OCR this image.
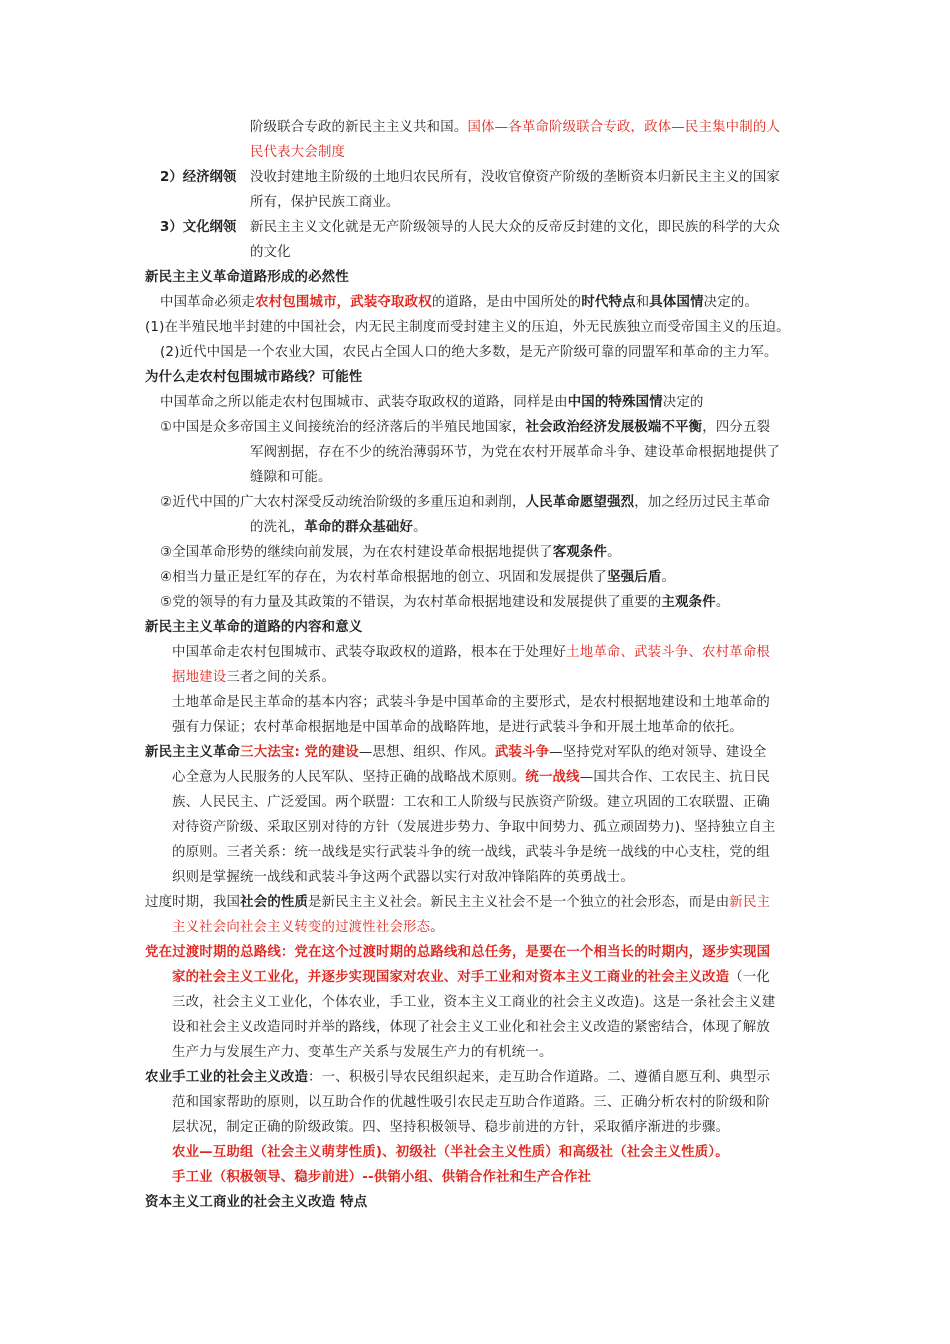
阶级联合专政的新民主主义共和国。国体—各革命阶级联合专政，政体—民主集中制的人
民代表大会制度
没收封建地主阶级的土地归农民所有，没收官僚资产阶级的垄断资本归新民主主义的国家
所有，保护民族工商业。
新民主主义文化就是无产阶级领导的人民大众的反帝反封建的文化，即民族的科学的大众
的文化
新民主主义革命道路形成的必然性
中国革命必须走农村包围城市，武装夺取政权的道路，是由中国所处的时代特点和具体国情决定的。
(1)在半殖民地半封建的中国社会，内无民主制度而受封建主义的压迫，外无民族独立而受帝国主义的压迫。
(2)近代中国是一个农业大国，农民占全国人口的绝大多数，是无产阶级可靠的同盟军和革命的主力军。
为什么走农村包围城市路线？可能性
中国革命之所以能走农村包围城市、武装夺取政权的道路，同样是由中国的特殊国情决定的
①中国是众多帝国主义间接统治的经济落后的半殖民地国家，社会政治经济发展极端不平衡，四分五裂
军阀割据，存在不少的统治薄弱环节，为党在农村开展革命斗争、建设革命根据地提供了
缝隙和可能。
②近代中国的广大农村深受反动统治阶级的多重压迫和剥削，人民革命愿望强烈，加之经历过民主革命
的洗礼，革命的群众基础好。
③全国革命形势的继续向前发展，为在农村建设革命根据地提供了客观条件。
④相当力量正是红军的存在，为农村革命根据地的创立、巩固和发展提供了坚强后盾。
⑤党的领导的有力量及其政策的不错误，为农村革命根据地建设和发展提供了重要的主观条件。
新民主主义革命的道路的内容和意义
中国革命走农村包围城市、武装夺取政权的道路，根本在于处理好土地革命、武装斗争、农村革命根
据地建设三者之间的关系。
土地革命是民主革命的基本内容；武装斗争是中国革命的主要形式，是农村根据地建设和土地革命的
强有力保证；农村革命根据地是中国革命的战略阵地，是进行武装斗争和开展土地革命的依托。
新民主主义革命三大法宝: 党的建设—思想、组织、作风。武装斗争—坚持党对军队的绝对领导、建设全
心全意为人民服务的人民军队、坚持正确的战略战术原则。统一战线—国共合作、工农民主、抗日民
族、人民民主、广泛爱国。两个联盟：工农和工人阶级与民族资产阶级。建立巩固的工农联盟、正确
对待资产阶级、采取区别对待的方针（发展进步势力、争取中间势力、孤立顽固势力)、坚持独立自主
的原则。三者关系：统一战线是实行武装斗争的统一战线，武装斗争是统一战线的中心支柱，党的组
织则是掌握统一战线和武装斗争这两个武器以实行对敌冲锋陷阵的英勇战士。
过度时期，我国社会的性质是新民主主义社会。新民主主义社会不是一个独立的社会形态，而是由新民主
主义社会向社会主义转变的过渡性社会形态。
党在过渡时期的总路线：党在这个过渡时期的总路线和总任务，是要在一个相当长的时期内，逐步实现国
家的社会主义工业化，并逐步实现国家对农业、对手工业和对资本主义工商业的社会主义改造（一化
三改，社会主义工业化，个体农业，手工业，资本主义工商业的社会主义改造)。这是一条社会主义建
设和社会主义改造同时并举的路线，体现了社会主义工业化和社会主义改造的紧密结合，体现了解放
生产力与发展生产力、变革生产关系与发展生产力的有机统一。
农业手工业的社会主义改造：一、积极引导农民组织起来，走互助合作道路。二、遵循自愿互利、典型示
范和国家帮助的原则，以互助合作的优越性吸引农民走互助合作道路。三、正确分析农村的阶级和阶
层状况，制定正确的阶级政策。四、坚持积极领导、稳步前进的方针，采取循序渐进的步骤。
农业—互助组（社会主义萌芽性质)、初级社（半社会主义性质）和高级社（社会主义性质）。
手工业（积极领导、稳步前进）--供销小组、供销合作社和生产合作社
资本主义工商业的社会主义改造 特点
2）经济纲领
3）文化纲领
